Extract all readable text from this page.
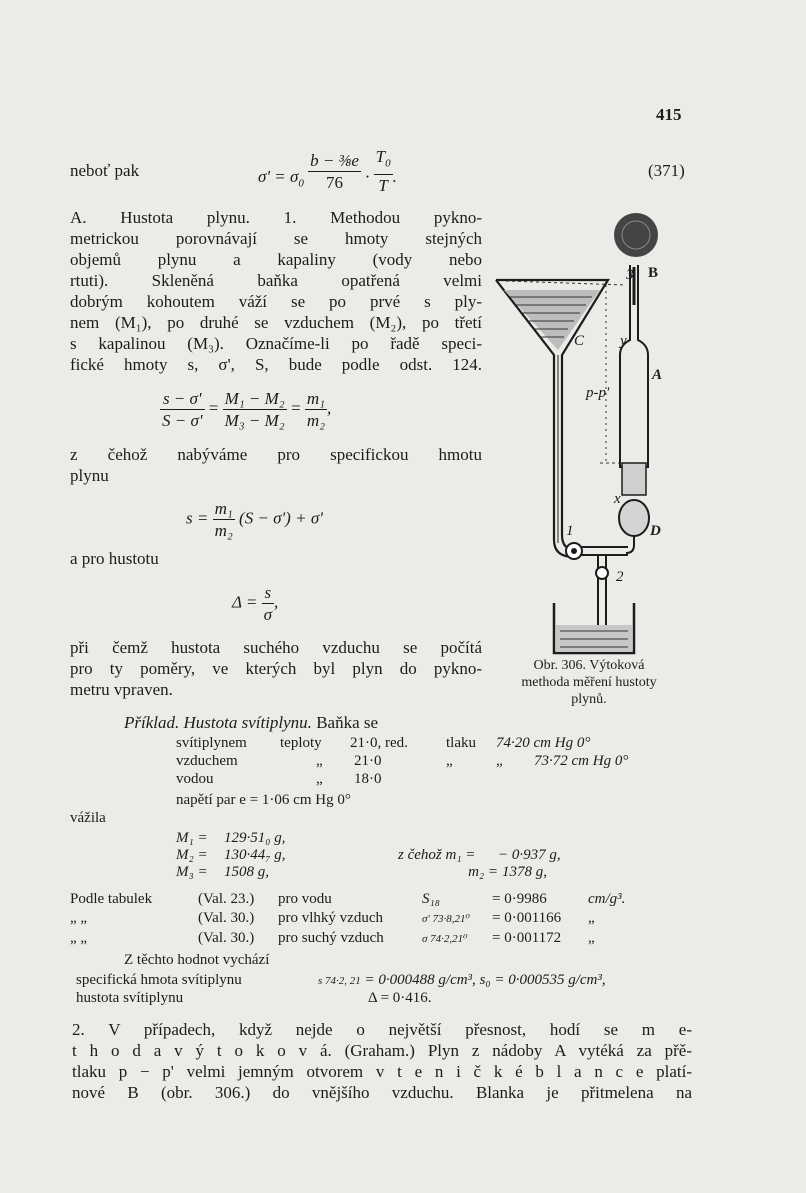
415
neboť pak	$\sigma' = \sigma_0 \frac{\text{b − ⅜e}}{76} \cdot \frac{T_0}{T}$ .	(371)
A. Hustota plynu. 1. Methodou pykno-
metrickou porovnávají se hmoty stejných
objemů plynu a kapaliny (vody nebo
rtuti). Skleněná baňka opatřená velmi
dobrým kohoutem váží se po prvé s ply-
nem (M₁), po druhé se vzduchem (M₂), po třetí
s kapalinou (M₃). Označíme-li po řadě speci-
fické hmoty s, σ', S, bude podle odst. 124.
$\frac{s - \sigma'}{S - \sigma'} = \frac{\text{M₁ − M₂}}{\text{M₃ − M₂}} = \frac{\text{m₁}}{\text{m₂}}$ ,
z čehož nabýváme pro specifickou hmotu
plynu
$s = \frac{\text{m₁}}{\text{m₂}} (S - \sigma') + \sigma'$
a pro hustotu
$\Delta = \frac{s}{\sigma}$ ,
při čemž hustota suchého vzduchu se počítá
pro ty poměry, ve kterých byl plyn do pykno-
metru vpraven.
3 B
C y
A
p-p'
x
D
1
2
Obr. 306. Výtoková
methoda měření hustoty
plynů.
Příklad. Hustota svítiplynu. Baňka se
svítiplynem teploty 21·0, red.	tlaku 74·20 cm Hg 0°
vzduchem	„ 21·0	„	„ 73·72 cm Hg 0°
vodou	„ 18·0
napětí par e = 1·06 cm Hg 0°
vážila
M₁ = 129·51₀ g,
M₂ = 130·44₇ g,
M₃ = 1508 g,
z čehož m₁ = − 0·937 g,
m₂ = 1378 g,
Podle tabulek	(Val. 23.) pro vodu	S₁₈	= 0·9986	cm/g³.
„ „	(Val. 30.) pro vlhký vzduch	σ' 73·8,21⁰ = 0·001166 „
„ „	(Val. 30.) pro suchý vzduch	σ 74·2,21⁰ = 0·001172 „
Z těchto hodnot vychází
specifická hmota svítiplynu	s 74·2, 21 = 0·000488 g/cm³, s₀ = 0·000535 g/cm³,
hustota svítiplynu	Δ = 0·416.
2. V případech, když nejde o největší přesnost, hodí se m e-
t h o d a v ý t o k o v á. (Graham.) Plyn z nádoby A vytéká za přě-
tlaku p − p' velmi jemným otvorem v t e n i č k é b l a n c e platí-
nové B (obr. 306.) do vnějšího vzduchu. Blanka je přitmelena na
